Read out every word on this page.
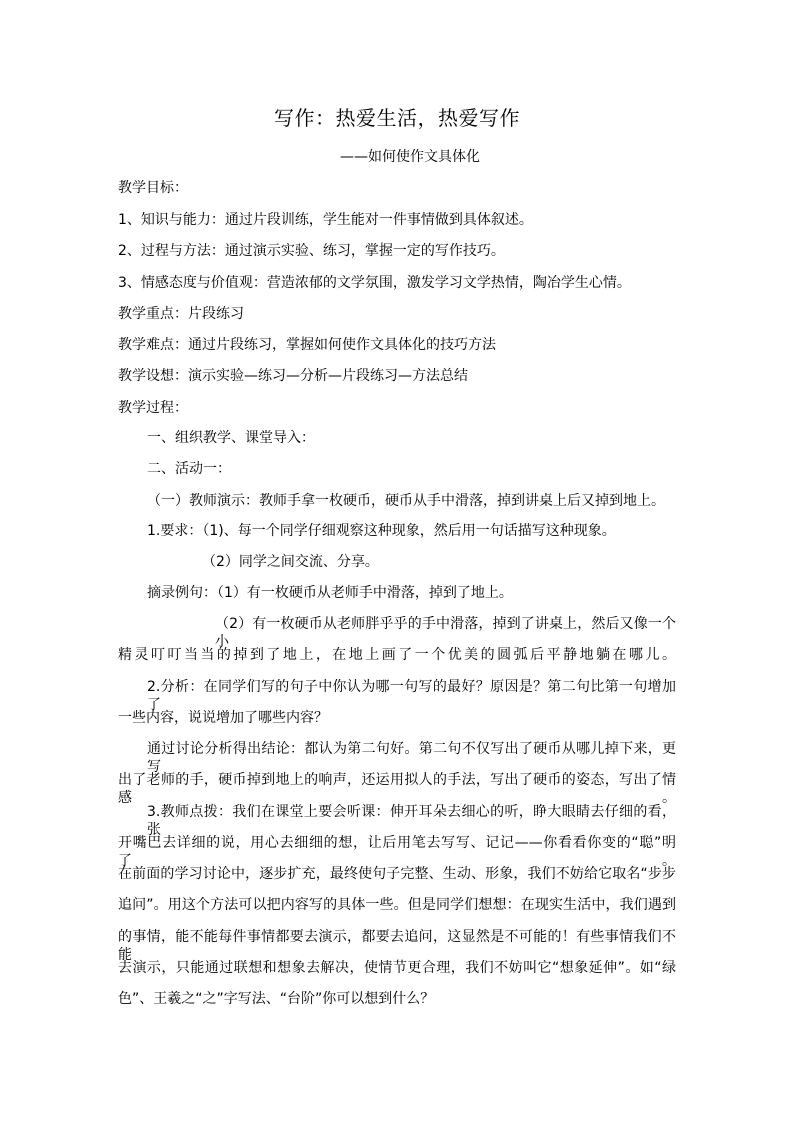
写作：热爱生活，热爱写作
——如何使作文具体化
教学目标：
1、知识与能力：通过片段训练，学生能对一件事情做到具体叙述。
2、过程与方法：通过演示实验、练习，掌握一定的写作技巧。
3、情感态度与价值观：营造浓郁的文学氛围，激发学习文学热情，陶冶学生心情。
教学重点：片段练习
教学难点：通过片段练习，掌握如何使作文具体化的技巧方法
教学设想：演示实验—练习—分析—片段练习—方法总结
教学过程：
一、组织教学、课堂导入：
二、活动一：
（一）教师演示：教师手拿一枚硬币，硬币从手中滑落，掉到讲桌上后又掉到地上。
1.要求：（1)、每一个同学仔细观察这种现象，然后用一句话描写这种现象。
（2）同学之间交流、分享。
摘录例句：（1）有一枚硬币从老师手中滑落，掉到了地上。
（2）有一枚硬币从老师胖乎乎的手中滑落，掉到了讲桌上，然后又像一个小
精灵叮叮当当的掉到了地上，在地上画了一个优美的圆弧后平静地躺在哪儿。
2.分析：在同学们写的句子中你认为哪一句写的最好？原因是？第二句比第一句增加了
一些内容，说说增加了哪些内容？
通过讨论分析得出结论：都认为第二句好。第二句不仅写出了硬币从哪儿掉下来，更写
出了老师的手，硬币掉到地上的响声，还运用拟人的手法，写出了硬币的姿态，写出了情感。
3.教师点拨：我们在课堂上要会听课：伸开耳朵去细心的听，睁大眼睛去仔细的看，张
开嘴巴去详细的说，用心去细细的想，让后用笔去写写、记记——你看看你变的“聪”明了。
在前面的学习讨论中，逐步扩充，最终使句子完整、生动、形象，我们不妨给它取名“步步
追问”。用这个方法可以把内容写的具体一些。但是同学们想想：在现实生活中，我们遇到
的事情，能不能每件事情都要去演示，都要去追问，这显然是不可能的！有些事情我们不能
去演示，只能通过联想和想象去解决，使情节更合理，我们不妨叫它“想象延伸”。如“绿
色”、王羲之“之”字写法、“台阶”你可以想到什么？
